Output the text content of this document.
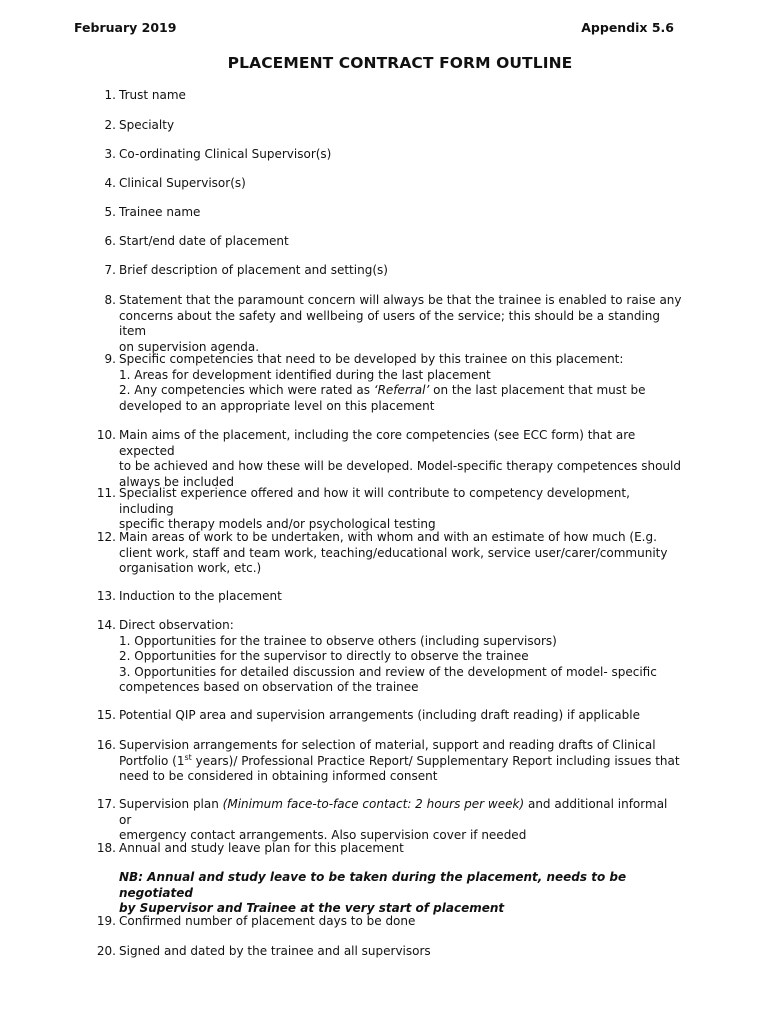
February 2019	Appendix 5.6
PLACEMENT CONTRACT FORM OUTLINE
1. Trust name
2. Specialty
3. Co-ordinating Clinical Supervisor(s)
4. Clinical Supervisor(s)
5. Trainee name
6. Start/end date of placement
7. Brief description of placement and setting(s)
8. Statement that the paramount concern will always be that the trainee is enabled to raise any
concerns about the safety and wellbeing of users of the service; this should be a standing item
on supervision agenda.
9. Specific competencies that need to be developed by this trainee on this placement:
1. Areas for development identified during the last placement
2. Any competencies which were rated as ‘Referral’ on the last placement that must be
developed to an appropriate level on this placement
10. Main aims of the placement, including the core competencies (see ECC form) that are expected
to be achieved and how these will be developed. Model-specific therapy competences should
always be included
11. Specialist experience offered and how it will contribute to competency development, including
specific therapy models and/or psychological testing
12. Main areas of work to be undertaken, with whom and with an estimate of how much (E.g.
client work, staff and team work, teaching/educational work, service user/carer/community
organisation work, etc.)
13. Induction to the placement
14. Direct observation:
1. Opportunities for the trainee to observe others (including supervisors)
2. Opportunities for the supervisor to directly to observe the trainee
3. Opportunities for detailed discussion and review of the development of model- specific
competences based on observation of the trainee
15. Potential QIP area and supervision arrangements (including draft reading) if applicable
16. Supervision arrangements for selection of material, support and reading drafts of Clinical
Portfolio (1st years)/ Professional Practice Report/ Supplementary Report including issues that
need to be considered in obtaining informed consent
17. Supervision plan (Minimum face-to-face contact: 2 hours per week) and additional informal or
emergency contact arrangements. Also supervision cover if needed
18. Annual and study leave plan for this placement
NB: Annual and study leave to be taken during the placement, needs to be negotiated
by Supervisor and Trainee at the very start of placement
19. Confirmed number of placement days to be done
20. Signed and dated by the trainee and all supervisors
